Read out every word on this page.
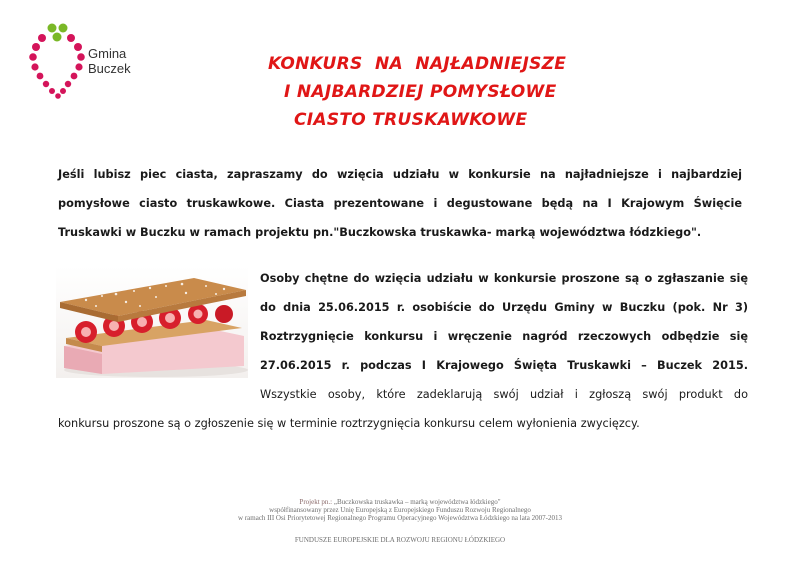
Gmina
Buczek	KONKURS  NA  NAJŁADNIEJSZE
I NAJBARDZIEJ POMYSŁOWE
CIASTO TRUSKAWKOWE
Jeśli lubisz piec ciasta, zapraszamy do wzięcia udziału w konkursie na najładniejsze i najbardziej pomysłowe ciasto truskawkowe. Ciasta prezentowane i degustowane będą na I Krajowym Święcie Truskawki w Buczku w ramach projektu pn."Buczkowska truskawka- marką województwa łódzkiego".
Osoby chętne do wzięcia udziału w konkursie proszone są o zgłaszanie się do dnia 25.06.2015 r. osobiście do Urzędu Gminy w Buczku (pok. Nr 3) Roztrzygnięcie konkursu i wręczenie nagród rzeczowych odbędzie się 27.06.2015 r. podczas I Krajowego Święta Truskawki – Buczek 2015.
Wszystkie osoby, które zadeklarują swój udział i zgłoszą swój produkt do
konkursu proszone są o zgłoszenie się w terminie roztrzygnięcia konkursu celem wyłonienia zwycięzcy.
Projekt pn.: „Buczkowska truskawka – marką województwa łódzkiego"
współfinansowany przez Unię Europejską z Europejskiego Funduszu Rozwoju Regionalnego
w ramach III Osi Priorytetowej Regionalnego Programu Operacyjnego Województwa Łódzkiego na lata 2007-2013
FUNDUSZE EUROPEJSKIE DLA ROZWOJU REGIONU ŁÓDZKIEGO
